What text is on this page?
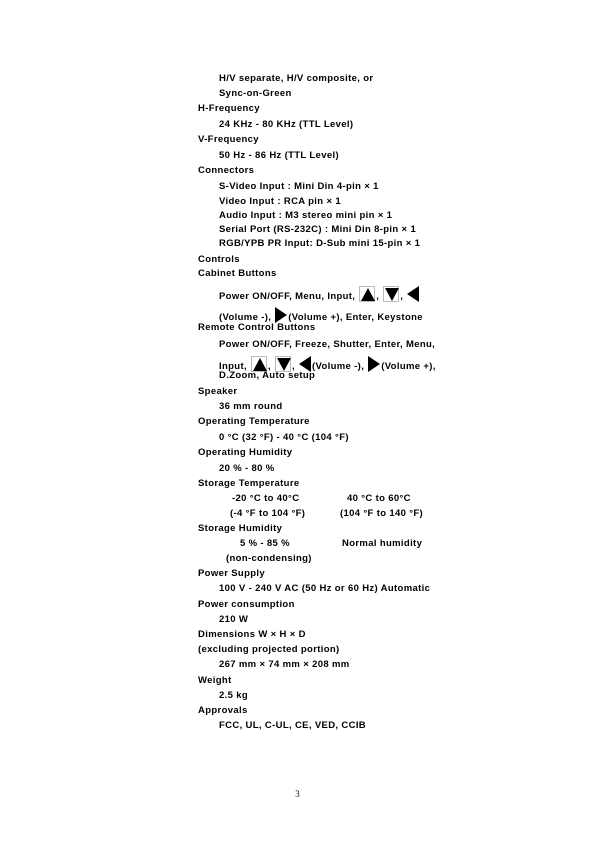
H/V separate, H/V composite, or
Sync-on-Green
H-Frequency
24 KHz - 80 KHz (TTL Level)
V-Frequency
50 Hz - 86 Hz (TTL Level)
Connectors
S-Video Input : Mini Din 4-pin × 1
Video Input : RCA pin × 1
Audio Input : M3 stereo mini pin × 1
Serial Port (RS-232C) : Mini Din 8-pin × 1
RGB/YPB PR Input: D-Sub mini 15-pin × 1
Controls
Cabinet Buttons
Power ON/OFF, Menu, Input, , ,
(Volume -), (Volume +), Enter, Keystone
Remote Control Buttons
Power ON/OFF, Freeze, Shutter, Enter, Menu,
Input, , , (Volume -), (Volume +),
D.Zoom, Auto setup
Speaker
36 mm round
Operating Temperature
0 °C (32 °F) - 40 °C (104 °F)
Operating Humidity
20 % - 80 %
Storage Temperature
-20 °C to 40°C	40 °C to 60°C
(-4 °F to 104 °F)	(104 °F to 140 °F)
Storage Humidity
5 % - 85 %	Normal humidity
(non-condensing)
Power Supply
100 V - 240 V AC (50 Hz or 60 Hz) Automatic
Power consumption
210 W
Dimensions W × H × D
(excluding projected portion)
267 mm × 74 mm × 208 mm
Weight
2.5 kg
Approvals
FCC, UL, C-UL, CE, VED, CCIB
3
